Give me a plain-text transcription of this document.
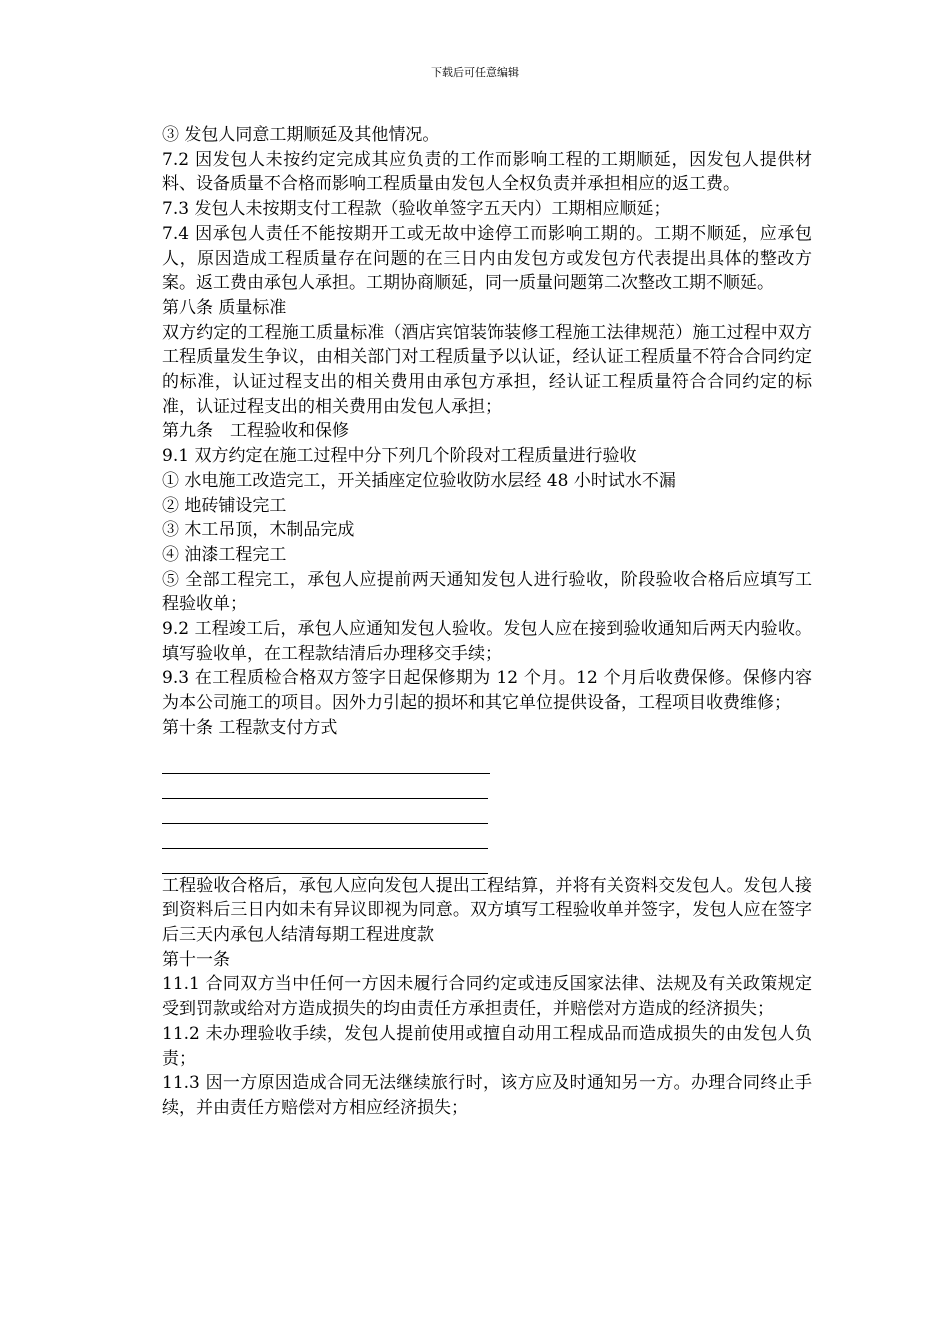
下载后可任意编辑

③ 发包人同意工期顺延及其他情况。

7.2 因发包人未按约定完成其应负责的工作而影响工程的工期顺延，因发包人提供材料、设备质量不合格而影响工程质量由发包人全权负责并承担相应的返工费。

7.3 发包人未按期支付工程款（验收单签字五天内）工期相应顺延；

7.4 因承包人责任不能按期开工或无故中途停工而影响工期的。工期不顺延，应承包人，原因造成工程质量存在问题的在三日内由发包方或发包方代表提出具体的整改方案。返工费由承包人承担。工期协商顺延，同一质量问题第二次整改工期不顺延。

第八条 质量标准

双方约定的工程施工质量标准（酒店宾馆装饰装修工程施工法律规范）施工过程中双方工程质量发生争议，由相关部门对工程质量予以认证，经认证工程质量不符合合同约定的标准，认证过程支出的相关费用由承包方承担，经认证工程质量符合合同约定的标准，认证过程支出的相关费用由发包人承担；

第九条　工程验收和保修

9.1 双方约定在施工过程中分下列几个阶段对工程质量进行验收

① 水电施工改造完工，开关插座定位验收防水层经 48 小时试水不漏

② 地砖铺设完工

③ 木工吊顶，木制品完成

④ 油漆工程完工

⑤ 全部工程完工，承包人应提前两天通知发包人进行验收，阶段验收合格后应填写工程验收单；

9.2 工程竣工后，承包人应通知发包人验收。发包人应在接到验收通知后两天内验收。填写验收单，在工程款结清后办理移交手续；

9.3 在工程质检合格双方签字日起保修期为 12 个月。12 个月后收费保修。保修内容为本公司施工的项目。因外力引起的损坏和其它单位提供设备，工程项目收费维修；

第十条 工程款支付方式

工程验收合格后，承包人应向发包人提出工程结算，并将有关资料交发包人。发包人接到资料后三日内如未有异议即视为同意。双方填写工程验收单并签字，发包人应在签字后三天内承包人结清每期工程进度款

第十一条

11.1 合同双方当中任何一方因未履行合同约定或违反国家法律、法规及有关政策规定受到罚款或给对方造成损失的均由责任方承担责任，并赔偿对方造成的经济损失；

11.2 未办理验收手续，发包人提前使用或擅自动用工程成品而造成损失的由发包人负责；

11.3 因一方原因造成合同无法继续旅行时，该方应及时通知另一方。办理合同终止手续，并由责任方赔偿对方相应经济损失；
